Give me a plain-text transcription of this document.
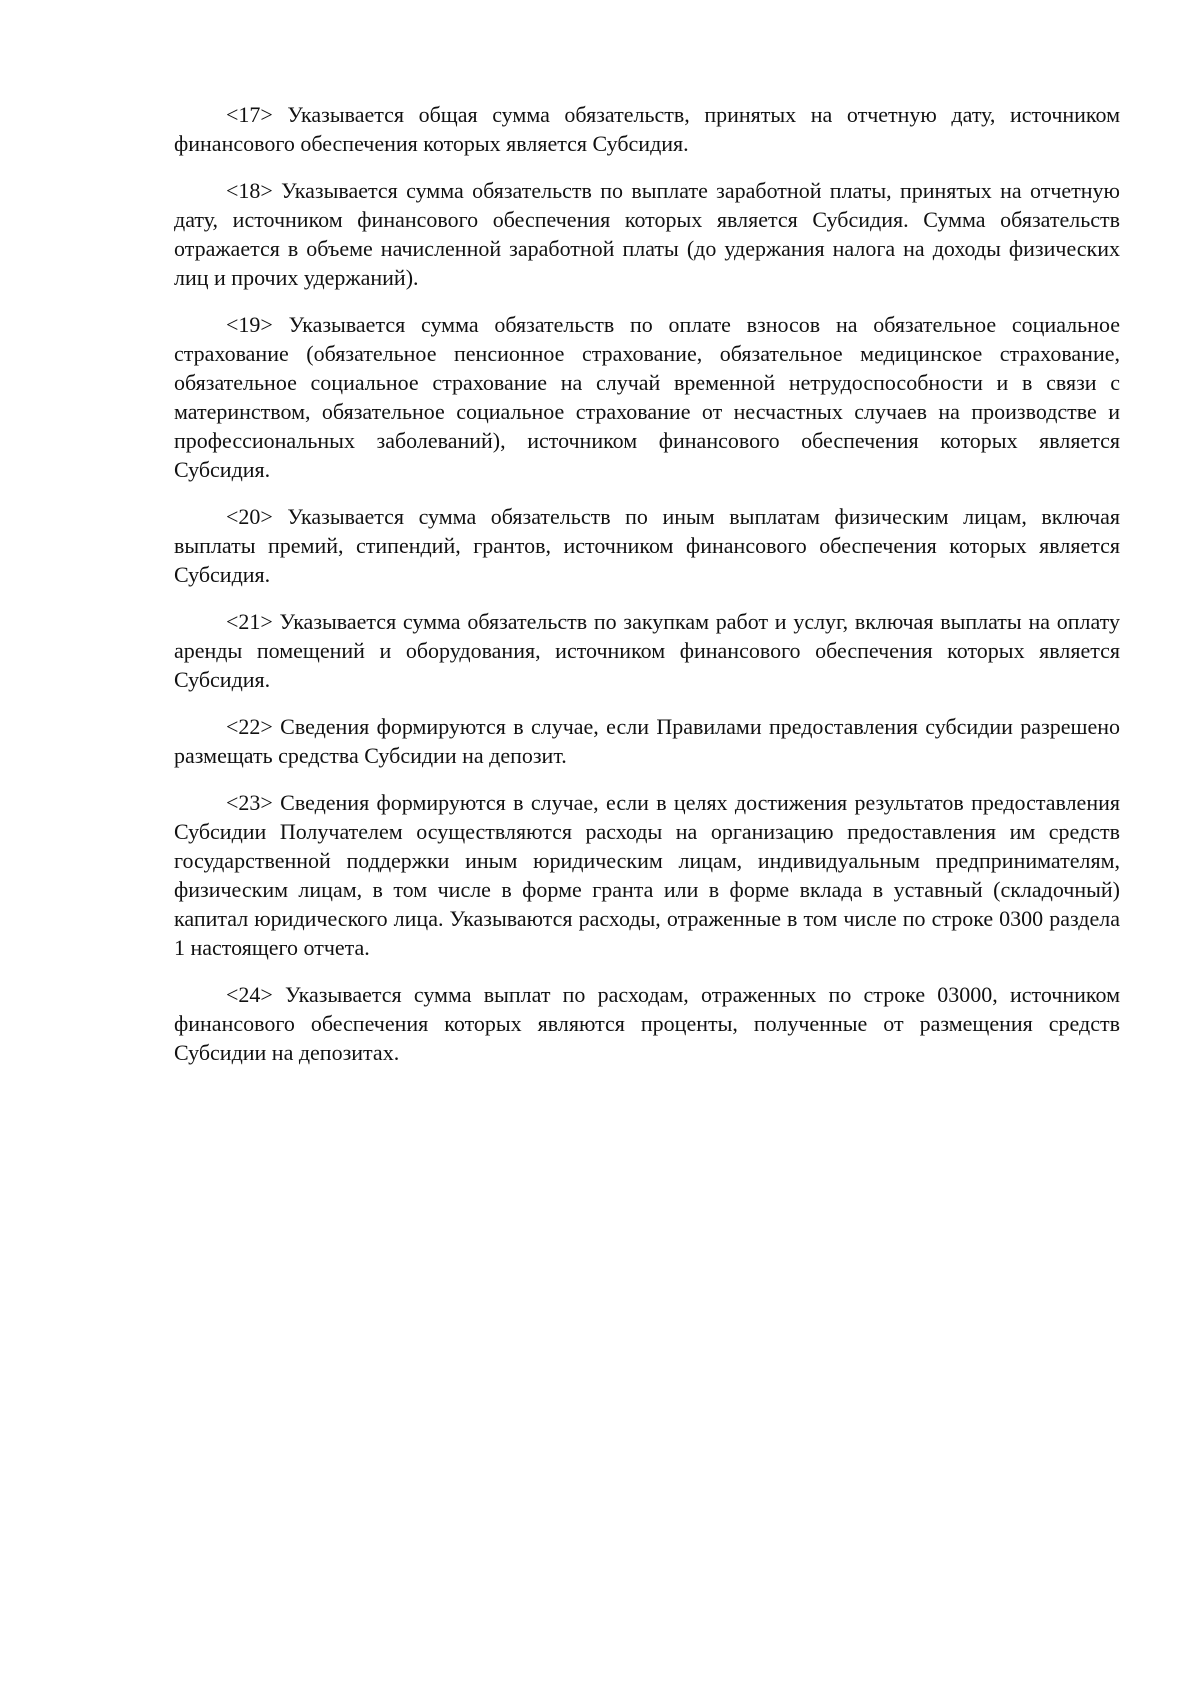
<17> Указывается общая сумма обязательств, принятых на отчетную дату, источником финансового обеспечения которых является Субсидия.

<18> Указывается сумма обязательств по выплате заработной платы, принятых на отчетную дату, источником финансового обеспечения которых является Субсидия. Сумма обязательств отражается в объеме начисленной заработной платы (до удержания налога на доходы физических лиц и прочих удержаний).

<19> Указывается сумма обязательств по оплате взносов на обязательное социальное страхование (обязательное пенсионное страхование, обязательное медицинское страхование, обязательное социальное страхование на случай временной нетрудоспособности и в связи с материнством, обязательное социальное страхование от несчастных случаев на производстве и профессиональных заболеваний), источником финансового обеспечения которых является Субсидия.

<20> Указывается сумма обязательств по иным выплатам физическим лицам, включая выплаты премий, стипендий, грантов, источником финансового обеспечения которых является Субсидия.

<21> Указывается сумма обязательств по закупкам работ и услуг, включая выплаты на оплату аренды помещений и оборудования, источником финансового обеспечения которых является Субсидия.

<22> Сведения формируются в случае, если Правилами предоставления субсидии разрешено размещать средства Субсидии на депозит.

<23> Сведения формируются в случае, если в целях достижения результатов предоставления Субсидии Получателем осуществляются расходы на организацию предоставления им средств государственной поддержки иным юридическим лицам, индивидуальным предпринимателям, физическим лицам, в том числе в форме гранта или в форме вклада в уставный (складочный) капитал юридического лица. Указываются расходы, отраженные в том числе по строке 0300 раздела 1 настоящего отчета.

<24> Указывается сумма выплат по расходам, отраженных по строке 03000, источником финансового обеспечения которых являются проценты, полученные от размещения средств Субсидии на депозитах.
